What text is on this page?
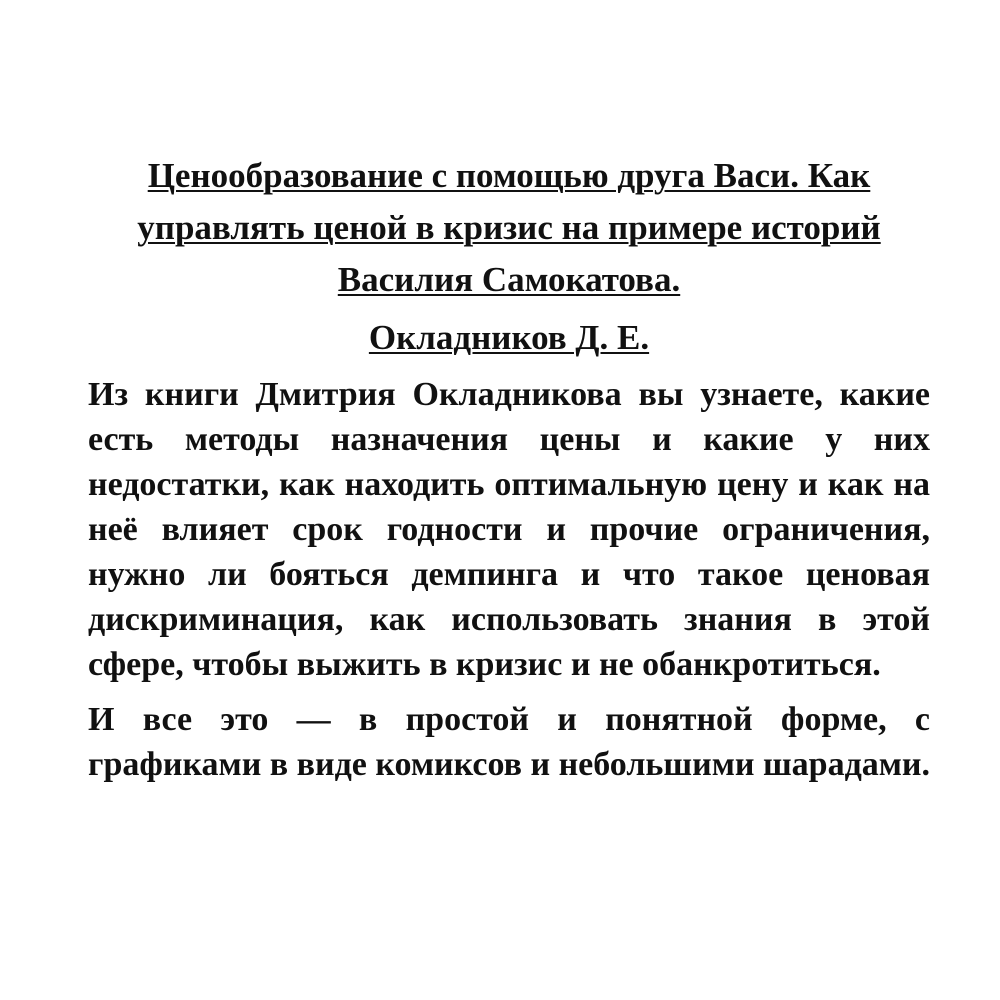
Ценообразование с помощью друга Васи. Как управлять ценой в кризис на примере историй Василия Самокатова.
Окладников Д. Е.

Из книги Дмитрия Окладникова вы узнаете, какие есть методы назначения цены и какие у них недостатки, как находить оптимальную цену и как на неё влияет срок годности и прочие ограничения, нужно ли бояться демпинга и что такое ценовая дискриминация, как использовать знания в этой сфере, чтобы выжить в кризис и не обанкротиться.

И все это — в простой и понятной форме, с графиками в виде комиксов и небольшими шарадами.
